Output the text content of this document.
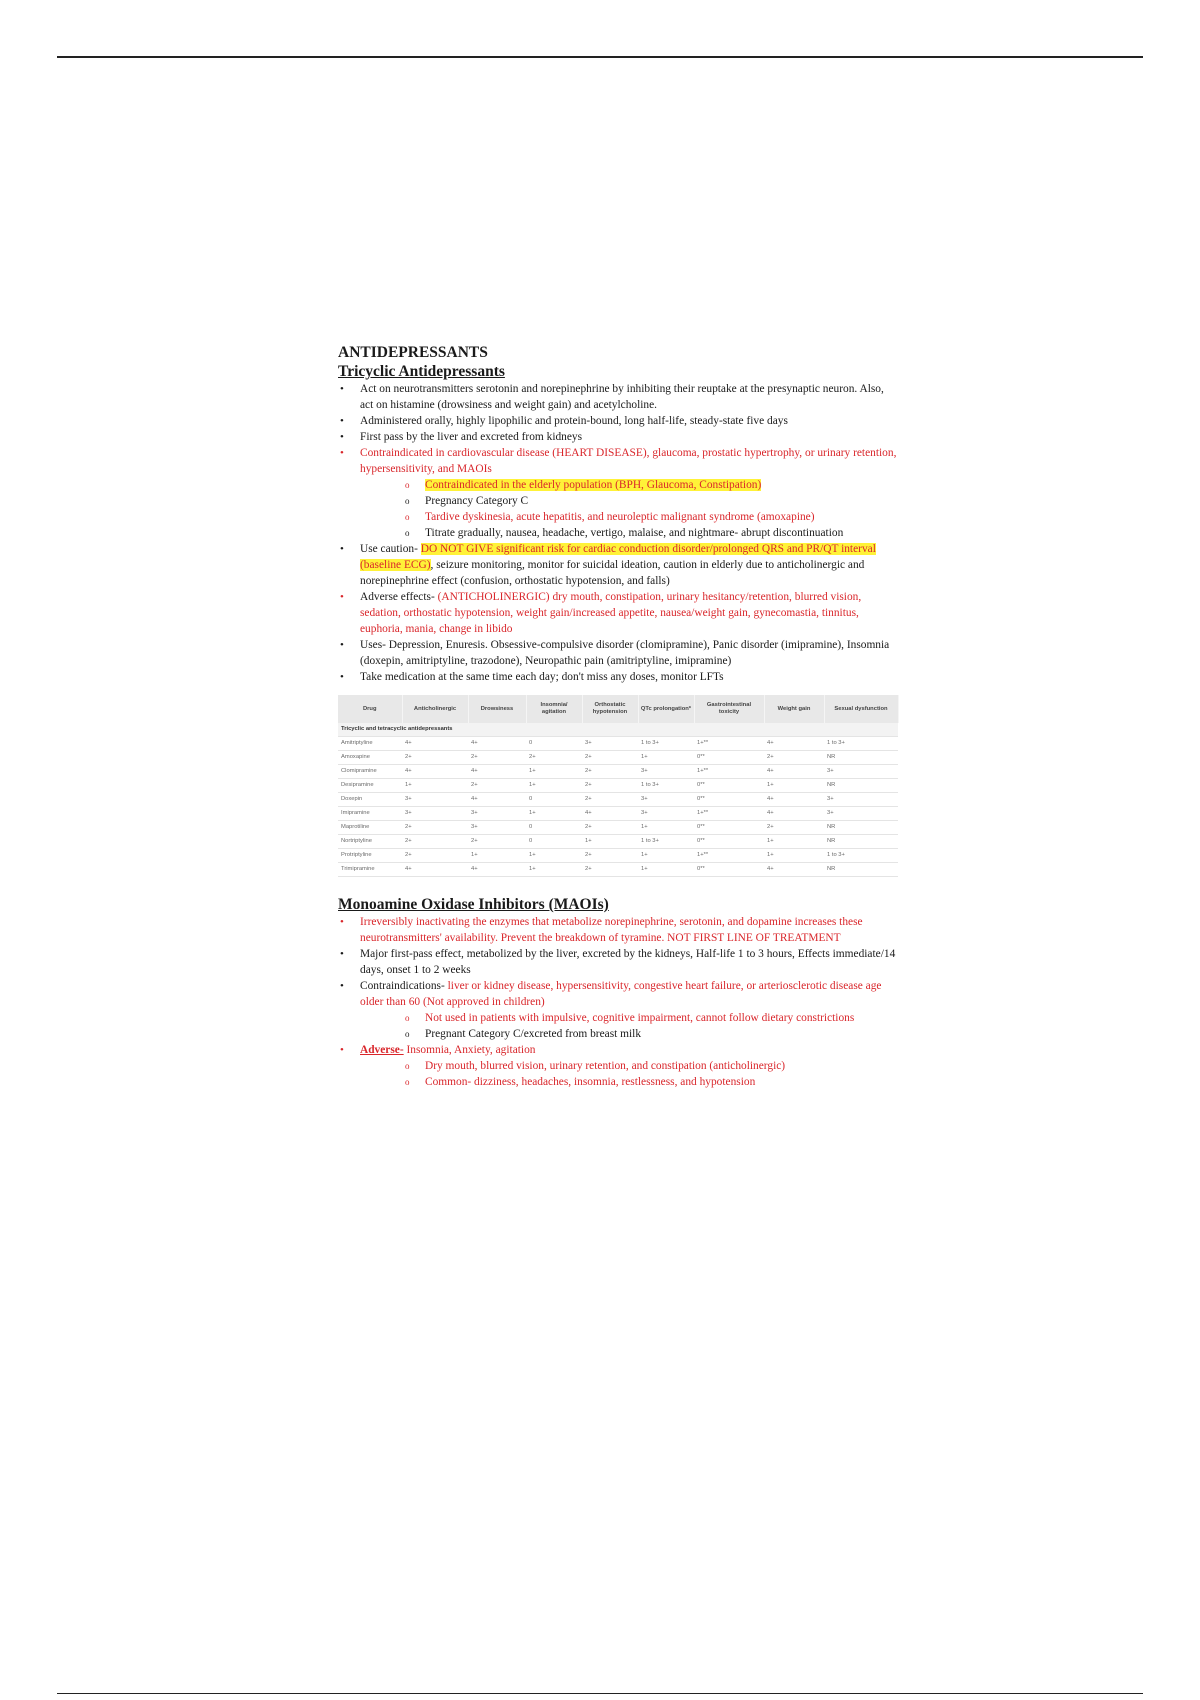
ANTIDEPRESSANTS
Tricyclic Antidepressants
• Act on neurotransmitters serotonin and norepinephrine by inhibiting their reuptake at the presynaptic neuron. Also, act on histamine (drowsiness and weight gain) and acetylcholine.
• Administered orally, highly lipophilic and protein-bound, long half-life, steady-state five days
• First pass by the liver and excreted from kidneys
• Contraindicated in cardiovascular disease (HEART DISEASE), glaucoma, prostatic hypertrophy, or urinary retention, hypersensitivity, and MAOIs
o Contraindicated in the elderly population (BPH, Glaucoma, Constipation)
o Pregnancy Category C
o Tardive dyskinesia, acute hepatitis, and neuroleptic malignant syndrome (amoxapine)
o Titrate gradually, nausea, headache, vertigo, malaise, and nightmare- abrupt discontinuation
• Use caution- DO NOT GIVE significant risk for cardiac conduction disorder/prolonged QRS and PR/QT interval (baseline ECG), seizure monitoring, monitor for suicidal ideation, caution in elderly due to anticholinergic and norepinephrine effect (confusion, orthostatic hypotension, and falls)
• Adverse effects- (ANTICHOLINERGIC) dry mouth, constipation, urinary hesitancy/retention, blurred vision, sedation, orthostatic hypotension, weight gain/increased appetite, nausea/weight gain, gynecomastia, tinnitus, euphoria, mania, change in libido
• Uses- Depression, Enuresis. Obsessive-compulsive disorder (clomipramine), Panic disorder (imipramine), Insomnia (doxepin, amitriptyline, trazodone), Neuropathic pain (amitriptyline, imipramine)
• Take medication at the same time each day; don't miss any doses, monitor LFTs
Drug	Anticholinergic	Drowsiness	Insomnia/ agitation	Orthostatic hypotension	QTc prolongation*	Gastrointestinal toxicity	Weight gain	Sexual dysfunction
Tricyclic and tetracyclic antidepressants								
Amitriptyline	4+	4+	0	3+	1 to 3+	1+**	4+	1 to 3+
Amoxapine	2+	2+	2+	2+	1+	0**	2+	NR
Clomipramine	4+	4+	1+	2+	3+	1+**	4+	3+
Desipramine	1+	2+	1+	2+	1 to 3+	0**	1+	NR
Doxepin	3+	4+	0	2+	3+	0**	4+	3+
Imipramine	3+	3+	1+	4+	3+	1+**	4+	3+
Maprotiline	2+	3+	0	2+	1+	0**	2+	NR
Nortriptyline	2+	2+	0	1+	1 to 3+	0**	1+	NR
Protriptyline	2+	1+	1+	2+	1+	1+**	1+	1 to 3+
Trimipramine	4+	4+	1+	2+	1+	0**	4+	NR
Monoamine Oxidase Inhibitors (MAOIs)
• Irreversibly inactivating the enzymes that metabolize norepinephrine, serotonin, and dopamine increases these neurotransmitters' availability. Prevent the breakdown of tyramine. NOT FIRST LINE OF TREATMENT
• Major first-pass effect, metabolized by the liver, excreted by the kidneys, Half-life 1 to 3 hours, Effects immediate/14 days, onset 1 to 2 weeks
• Contraindications- liver or kidney disease, hypersensitivity, congestive heart failure, or arteriosclerotic disease age older than 60 (Not approved in children)
o Not used in patients with impulsive, cognitive impairment, cannot follow dietary constrictions
o Pregnant Category C/excreted from breast milk
• Adverse- Insomnia, Anxiety, agitation
o Dry mouth, blurred vision, urinary retention, and constipation (anticholinergic)
o Common- dizziness, headaches, insomnia, restlessness, and hypotension
